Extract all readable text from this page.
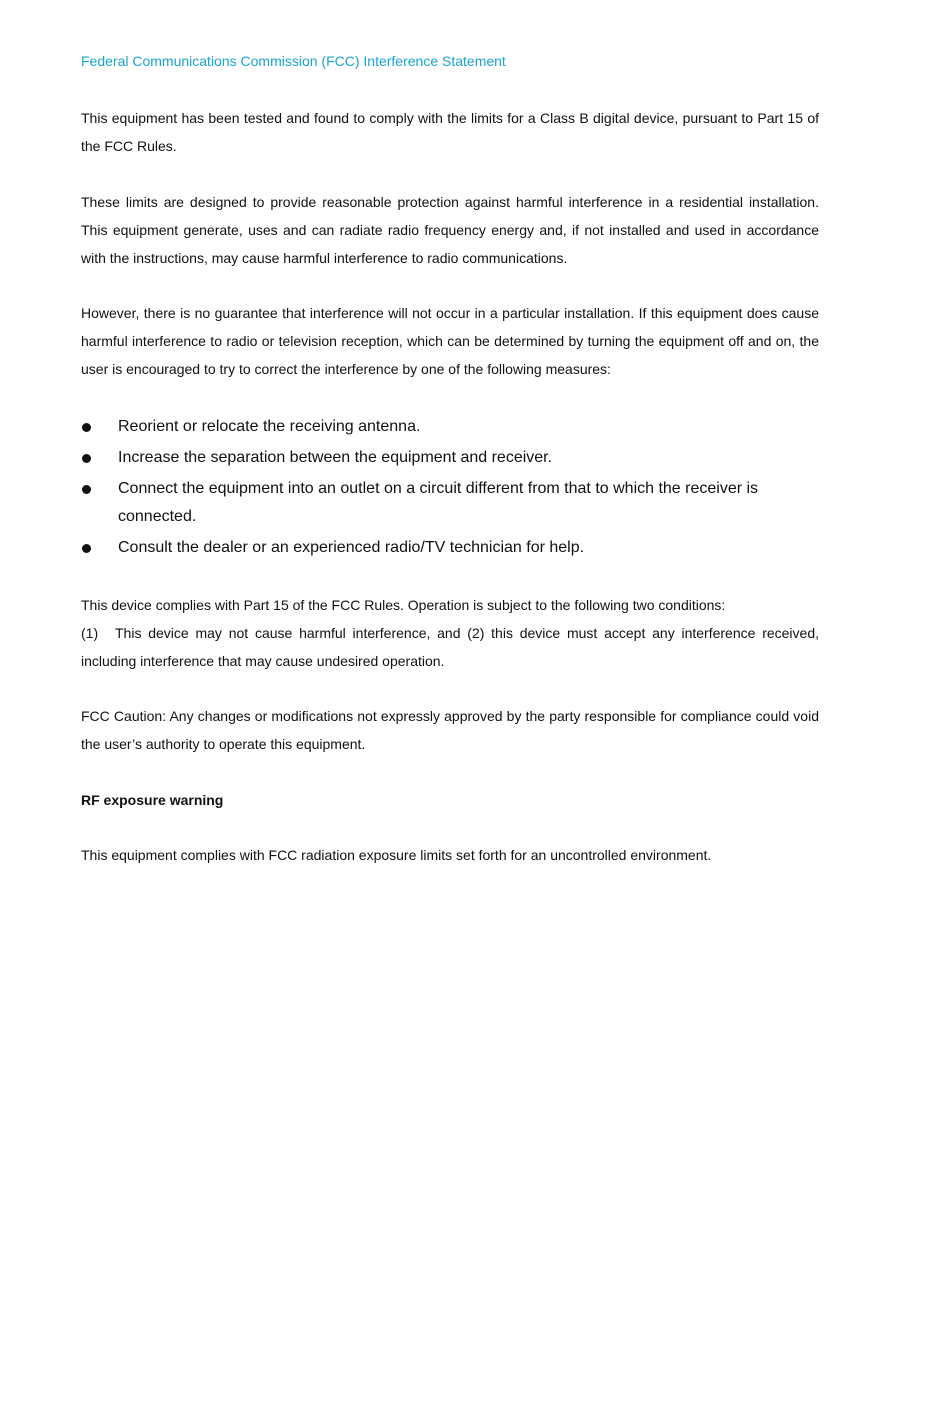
Federal Communications Commission (FCC) Interference Statement

This equipment has been tested and found to comply with the limits for a Class B digital device, pursuant to Part 15 of the FCC Rules.

These limits are designed to provide reasonable protection against harmful interference in a residential installation. This equipment generate, uses and can radiate radio frequency energy and, if not installed and used in accordance with the instructions, may cause harmful interference to radio communications.

However, there is no guarantee that interference will not occur in a particular installation. If this equipment does cause harmful interference to radio or television reception, which can be determined by turning the equipment off and on, the user is encouraged to try to correct the interference by one of the following measures:

Reorient or relocate the receiving antenna.
Increase the separation between the equipment and receiver.
Connect the equipment into an outlet on a circuit different from that to which the receiver is connected.
Consult the dealer or an experienced radio/TV technician for help.
This device complies with Part 15 of the FCC Rules. Operation is subject to the following two conditions:
(1) This device may not cause harmful interference, and (2) this device must accept any interference received, including interference that may cause undesired operation.

FCC Caution: Any changes or modifications not expressly approved by the party responsible for compliance could void the user’s authority to operate this equipment.

RF exposure warning

This equipment complies with FCC radiation exposure limits set forth for an uncontrolled environment.
